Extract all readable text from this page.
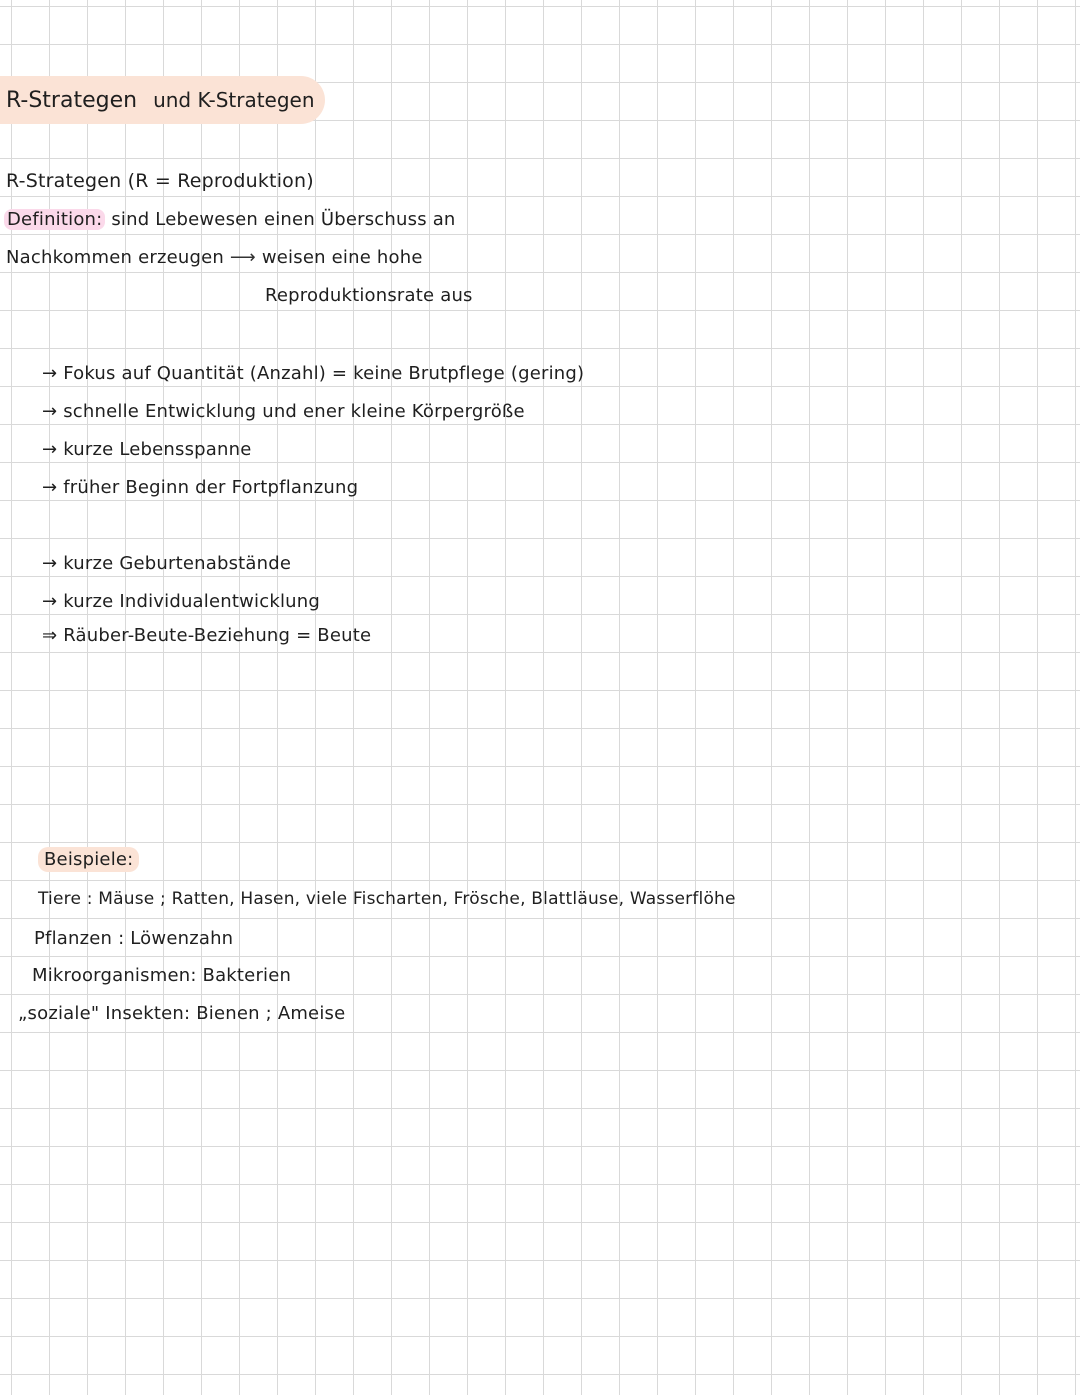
R-Strategen und K-Strategen
R-Strategen (R = Reproduktion)
Definition: sind Lebewesen einen Überschuss an
Nachkommen erzeugen ⟶ weisen eine hohe
Reproduktionsrate aus
→ Fokus auf Quantität (Anzahl) = keine Brutpflege (gering)
→ schnelle Entwicklung und ener kleine Körpergröße
→ kurze Lebensspanne
→ früher Beginn der Fortpflanzung
→ kurze Geburtenabstände
→ kurze Individualentwicklung
⇒ Räuber-Beute-Beziehung = Beute
Beispiele:
Tiere : Mäuse ; Ratten, Hasen, viele Fischarten, Frösche, Blattläuse, Wasserflöhe
Pflanzen : Löwenzahn
Mikroorganismen: Bakterien
„soziale" Insekten: Bienen ; Ameise
